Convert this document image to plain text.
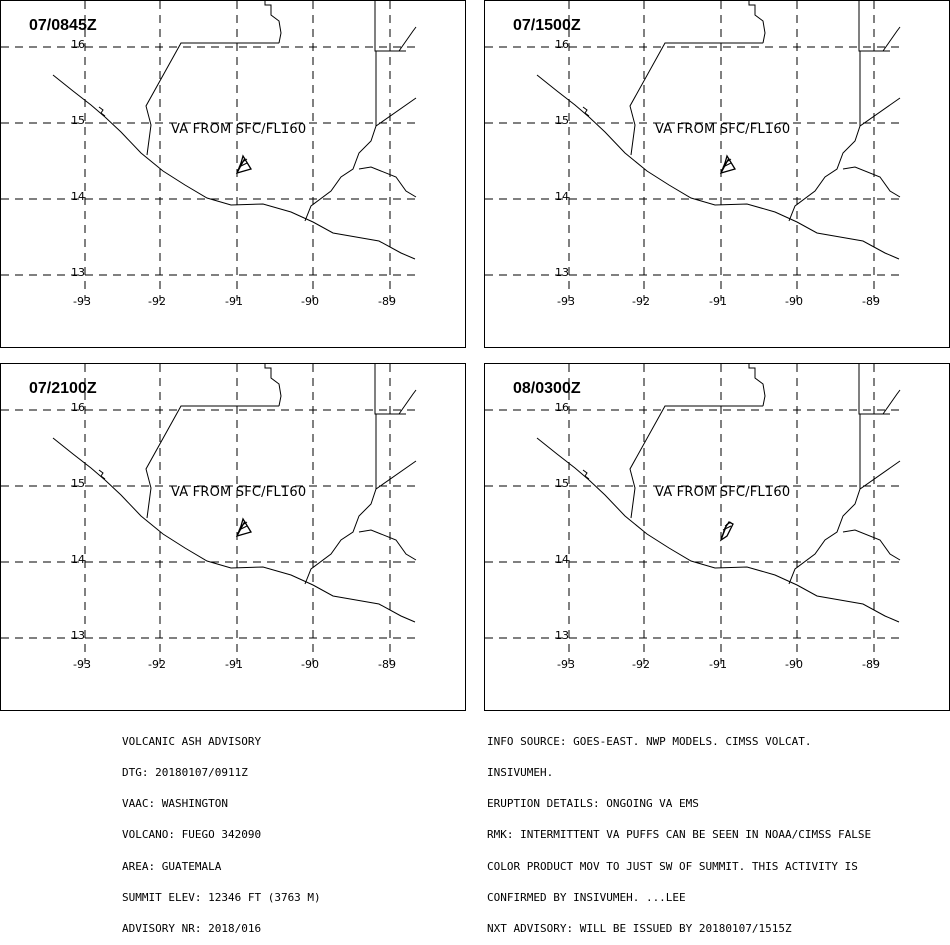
07/0845Z
VA FROM SFC/FL160
16
15
14
13
-93	-92	-91	-90	-89
07/1500Z
VA FROM SFC/FL160
16
15
14
13
-93	-92	-91	-90	-89
07/2100Z
VA FROM SFC/FL160
16
15
14
13
-93	-92	-91	-90	-89
08/0300Z
VA FROM SFC/FL160
16
15
14
13
-93	-92	-91	-90	-89

VOLCANIC ASH ADVISORY

DTG: 20180107/0911Z

VAAC: WASHINGTON

VOLCANO: FUEGO 342090

AREA: GUATEMALA

SUMMIT ELEV: 12346 FT (3763 M)

ADVISORY NR: 2018/016

INFO SOURCE: GOES-EAST. NWP MODELS. CIMSS VOLCAT.

INSIVUMEH.

ERUPTION DETAILS: ONGOING VA EMS

RMK: INTERMITTENT VA PUFFS CAN BE SEEN IN NOAA/CIMSS FALSE

COLOR PRODUCT MOV TO JUST SW OF SUMMIT. THIS ACTIVITY IS

CONFIRMED BY INSIVUMEH. ...LEE

NXT ADVISORY: WILL BE ISSUED BY 20180107/1515Z
